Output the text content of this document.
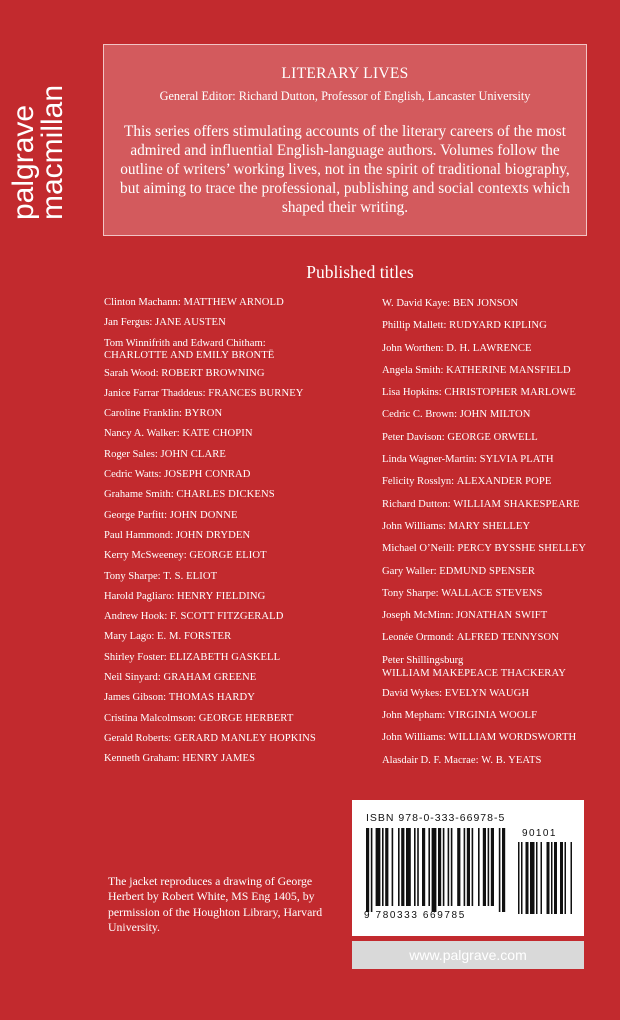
palgrave
macmillan
LITERARY LIVES
General Editor: Richard Dutton, Professor of English, Lancaster University
This series offers stimulating accounts of the literary careers of the most admired and influential English-language authors. Volumes follow the outline of writers’ working lives, not in the spirit of traditional biography, but aiming to trace the professional, publishing and social contexts which shaped their writing.
Published titles
Clinton Machann: MATTHEW ARNOLD
Jan Fergus: JANE AUSTEN
Tom Winnifrith and Edward Chitham:
CHARLOTTE AND EMILY BRONTË
Sarah Wood: ROBERT BROWNING
Janice Farrar Thaddeus: FRANCES BURNEY
Caroline Franklin: BYRON
Nancy A. Walker: KATE CHOPIN
Roger Sales: JOHN CLARE
Cedric Watts: JOSEPH CONRAD
Grahame Smith: CHARLES DICKENS
George Parfitt: JOHN DONNE
Paul Hammond: JOHN DRYDEN
Kerry McSweeney: GEORGE ELIOT
Tony Sharpe: T. S. ELIOT
Harold Pagliaro: HENRY FIELDING
Andrew Hook: F. SCOTT FITZGERALD
Mary Lago: E. M. FORSTER
Shirley Foster: ELIZABETH GASKELL
Neil Sinyard: GRAHAM GREENE
James Gibson: THOMAS HARDY
Cristina Malcolmson: GEORGE HERBERT
Gerald Roberts: GERARD MANLEY HOPKINS
Kenneth Graham: HENRY JAMES
W. David Kaye: BEN JONSON
Phillip Mallett: RUDYARD KIPLING
John Worthen: D. H. LAWRENCE
Angela Smith: KATHERINE MANSFIELD
Lisa Hopkins: CHRISTOPHER MARLOWE
Cedric C. Brown: JOHN MILTON
Peter Davison: GEORGE ORWELL
Linda Wagner-Martin: SYLVIA PLATH
Felicity Rosslyn: ALEXANDER POPE
Richard Dutton: WILLIAM SHAKESPEARE
John Williams: MARY SHELLEY
Michael O’Neill: PERCY BYSSHE SHELLEY
Gary Waller: EDMUND SPENSER
Tony Sharpe: WALLACE STEVENS
Joseph McMinn: JONATHAN SWIFT
Leonée Ormond: ALFRED TENNYSON
Peter Shillingsburg
WILLIAM MAKEPEACE THACKERAY
David Wykes: EVELYN WAUGH
John Mepham: VIRGINIA WOOLF
John Williams: WILLIAM WORDSWORTH
Alasdair D. F. Macrae: W. B. YEATS
The jacket reproduces a drawing of George Herbert by Robert White, MS Eng 1405, by permission of the Houghton Library, Harvard University.
ISBN 978-0-333-66978-5
9 780333 669785
90101
www.palgrave.com
